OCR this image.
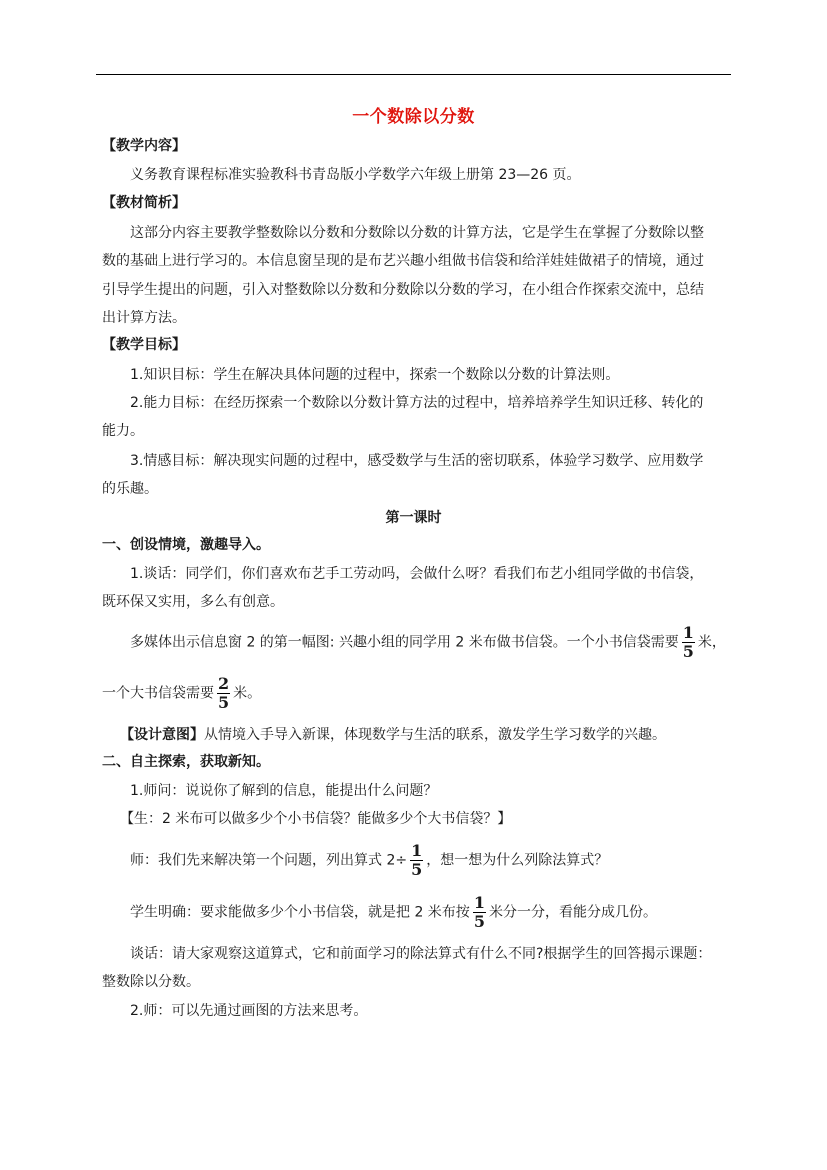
一个数除以分数
【教学内容】
义务教育课程标准实验教科书青岛版小学数学六年级上册第 23—26 页。
【教材简析】
这部分内容主要教学整数除以分数和分数除以分数的计算方法，它是学生在掌握了分数除以整
数的基础上进行学习的。本信息窗呈现的是布艺兴趣小组做书信袋和给洋娃娃做裙子的情境，通过
引导学生提出的问题，引入对整数除以分数和分数除以分数的学习，在小组合作探索交流中，总结
出计算方法。
【教学目标】
1.知识目标：学生在解决具体问题的过程中，探索一个数除以分数的计算法则。
2.能力目标：在经历探索一个数除以分数计算方法的过程中，培养培养学生知识迁移、转化的
能力。
3.情感目标：解决现实问题的过程中，感受数学与生活的密切联系，体验学习数学、应用数学
的乐趣。
第一课时
一、创设情境，激趣导入。
1.谈话：同学们，你们喜欢布艺手工劳动吗，会做什么呀？看我们布艺小组同学做的书信袋，
既环保又实用，多么有创意。
多媒体出示信息窗 2 的第一幅图: 兴趣小组的同学用 2 米布做书信袋。一个小书信袋需要 $\frac{1}{5}$ 米，
一个大书信袋需要 $\frac{2}{5}$ 米。
【设计意图】从情境入手导入新课，体现数学与生活的联系，激发学生学习数学的兴趣。
二、自主探索，获取新知。
1.师问：说说你了解到的信息，能提出什么问题？
【生：2 米布可以做多少个小书信袋？能做多少个大书信袋？】
师：我们先来解决第一个问题，列出算式 $2\div \frac{1}{5}$ ，想一想为什么列除法算式？
学生明确：要求能做多少个小书信袋，就是把 2 米布按 $\frac{1}{5}$ 米分一分，看能分成几份。
谈话：请大家观察这道算式，它和前面学习的除法算式有什么不同?根据学生的回答揭示课题：
整数除以分数。
2.师：可以先通过画图的方法来思考。
